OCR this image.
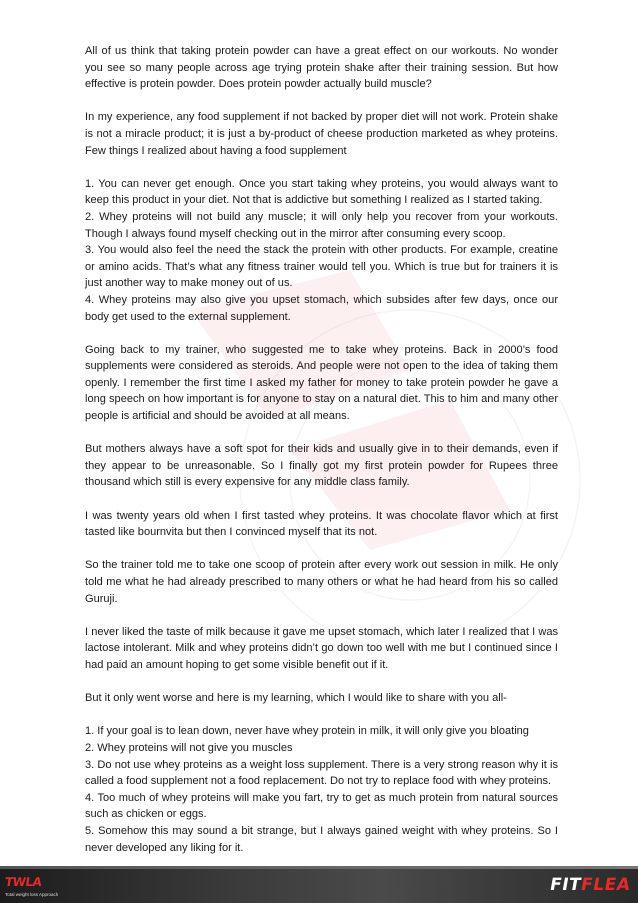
All of us think that taking protein powder can have a great effect on our workouts. No wonder you see so many people across age trying protein shake after their training session. But how effective is protein powder. Does protein powder actually build muscle?

In my experience, any food supplement if not backed by proper diet will not work. Protein shake is not a miracle product; it is just a by-product of cheese production marketed as whey proteins. Few things I realized about having a food supplement

1. You can never get enough. Once you start taking whey proteins, you would always want to keep this product in your diet. Not that is addictive but something I realized as I started taking.

2. Whey proteins will not build any muscle; it will only help you recover from your workouts. Though I always found myself checking out in the mirror after consuming every scoop.

3. You would also feel the need the stack the protein with other products. For example, creatine or amino acids. That’s what any fitness trainer would tell you. Which is true but for trainers it is just another way to make money out of us.

4. Whey proteins may also give you upset stomach, which subsides after few days, once our body get used to the external supplement.

Going back to my trainer, who suggested me to take whey proteins. Back in 2000’s food supplements were considered as steroids. And people were not open to the idea of taking them openly. I remember the first time I asked my father for money to take protein powder he gave a long speech on how important is for anyone to stay on a natural diet. This to him and many other people is artificial and should be avoided at all means.

But mothers always have a soft spot for their kids and usually give in to their demands, even if they appear to be unreasonable. So I finally got my first protein powder for Rupees three thousand which still is every expensive for any middle class family.

I was twenty years old when I first tasted whey proteins. It was chocolate flavor which at first tasted like bournvita but then I convinced myself that its not.

So the trainer told me to take one scoop of protein after every work out session in milk. He only told me what he had already prescribed to many others or what he had heard from his so called Guruji.

I never liked the taste of milk because it gave me upset stomach, which later I realized that I was lactose intolerant. Milk and whey proteins didn’t go down too well with me but I continued since I had paid an amount hoping to get some visible benefit out if it.

But it only went worse and here is my learning, which I would like to share with you all-

1. If your goal is to lean down, never have whey protein in milk, it will only give you bloating

2. Whey proteins will not give you muscles

3. Do not use whey proteins as a weight loss supplement. There is a very strong reason why it is called a food supplement not a food replacement. Do not try to replace food with whey proteins.

4. Too much of whey proteins will make you fart, try to get as much protein from natural sources such as chicken or eggs.

5. Somehow this may sound a bit strange, but I always gained weight with whey proteins. So I never developed any liking for it.

TWLA
Total weight loss Approach	FITFLEA
